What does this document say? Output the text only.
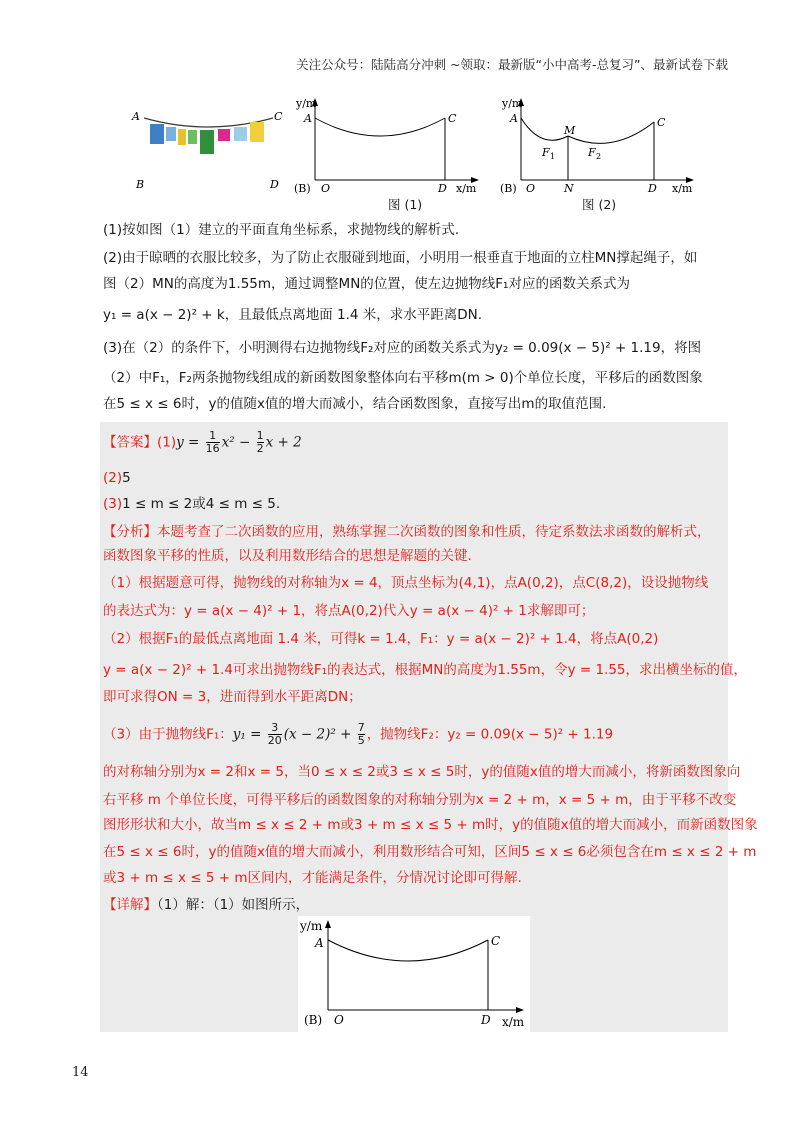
关注公众号：陆陆高分冲刺 ~领取：最新版“小中高考-总复习”、最新试卷下载
A	C
B	D
y/m
A	C
(B) O	D x/m
图 (1)
y/m
A
M
C
F 1	F 2
(B) O	N	D x/m
图 (2)
(1)按如图（1）建立的平面直角坐标系，求抛物线的解析式.
(2)由于晾晒的衣服比较多，为了防止衣服碰到地面，小明用一根垂直于地面的立柱MN撑起绳子，如
图（2）MN的高度为1.55m，通过调整MN的位置，使左边抛物线F₁对应的函数关系式为
y₁ = a(x − 2)² + k，且最低点离地面 1.4 米，求水平距离DN.
(3)在（2）的条件下，小明测得右边抛物线F₂对应的函数关系式为y₂ = 0.09(x − 5)² + 1.19，将图
（2）中F₁，F₂两条抛物线组成的新函数图象整体向右平移m(m > 0)个单位长度，平移后的函数图象
在5 ≤ x ≤ 6时，y的值随x值的增大而减小，结合函数图象，直接写出m的取值范围.
【答案】$(1)y = \frac{1}{16} x^2 - \frac{1}{2}$ x + 2
(2)5
(3)1 ≤ m ≤ 2或4 ≤ m ≤ 5.
【分析】本题考查了二次函数的应用，熟练掌握二次函数的图象和性质，待定系数法求函数的解析式，
函数图象平移的性质，以及利用数形结合的思想是解题的关键.
（1）根据题意可得，抛物线的对称轴为x = 4，顶点坐标为(4,1)，点A(0,2)，点C(8,2)，设设抛物线
的表达式为：y = a(x − 4)² + 1，将点A(0,2)代入y = a(x − 4)² + 1求解即可；
（2）根据F₁的最低点离地面 1.4 米，可得k = 1.4，F₁：y = a(x − 2)² + 1.4，将点A(0,2)
y = a(x − 2)² + 1.4可求出抛物线F₁的表达式，根据MN的高度为1.55m，令y = 1.55，求出横坐标的值，
即可求得ON = 3，进而得到水平距离DN；
（3）由于抛物线F₁：$y_1 = \frac{3}{20} (x - 2)^2 + \frac{7}{5}$ ，抛物线F₂：y₂ = 0.09(x − 5)² + 1.19
的对称轴分别为x = 2和x = 5，当0 ≤ x ≤ 2或3 ≤ x ≤ 5时，y的值随x值的增大而减小，将新函数图象向
右平移 m 个单位长度，可得平移后的函数图象的对称轴分别为x = 2 + m，x = 5 + m，由于平移不改变
图形形状和大小，故当m ≤ x ≤ 2 + m或3 + m ≤ x ≤ 5 + m时，y的值随x值的增大而减小，而新函数图象
在5 ≤ x ≤ 6时，y的值随x值的增大而减小，利用数形结合可知，区间5 ≤ x ≤ 6必须包含在m ≤ x ≤ 2 + m
或3 + m ≤ x ≤ 5 + m区间内，才能满足条件，分情况讨论即可得解.
【详解】（1）解：（1）如图所示，
y/m
A	C
(B) O	D x/m
14
